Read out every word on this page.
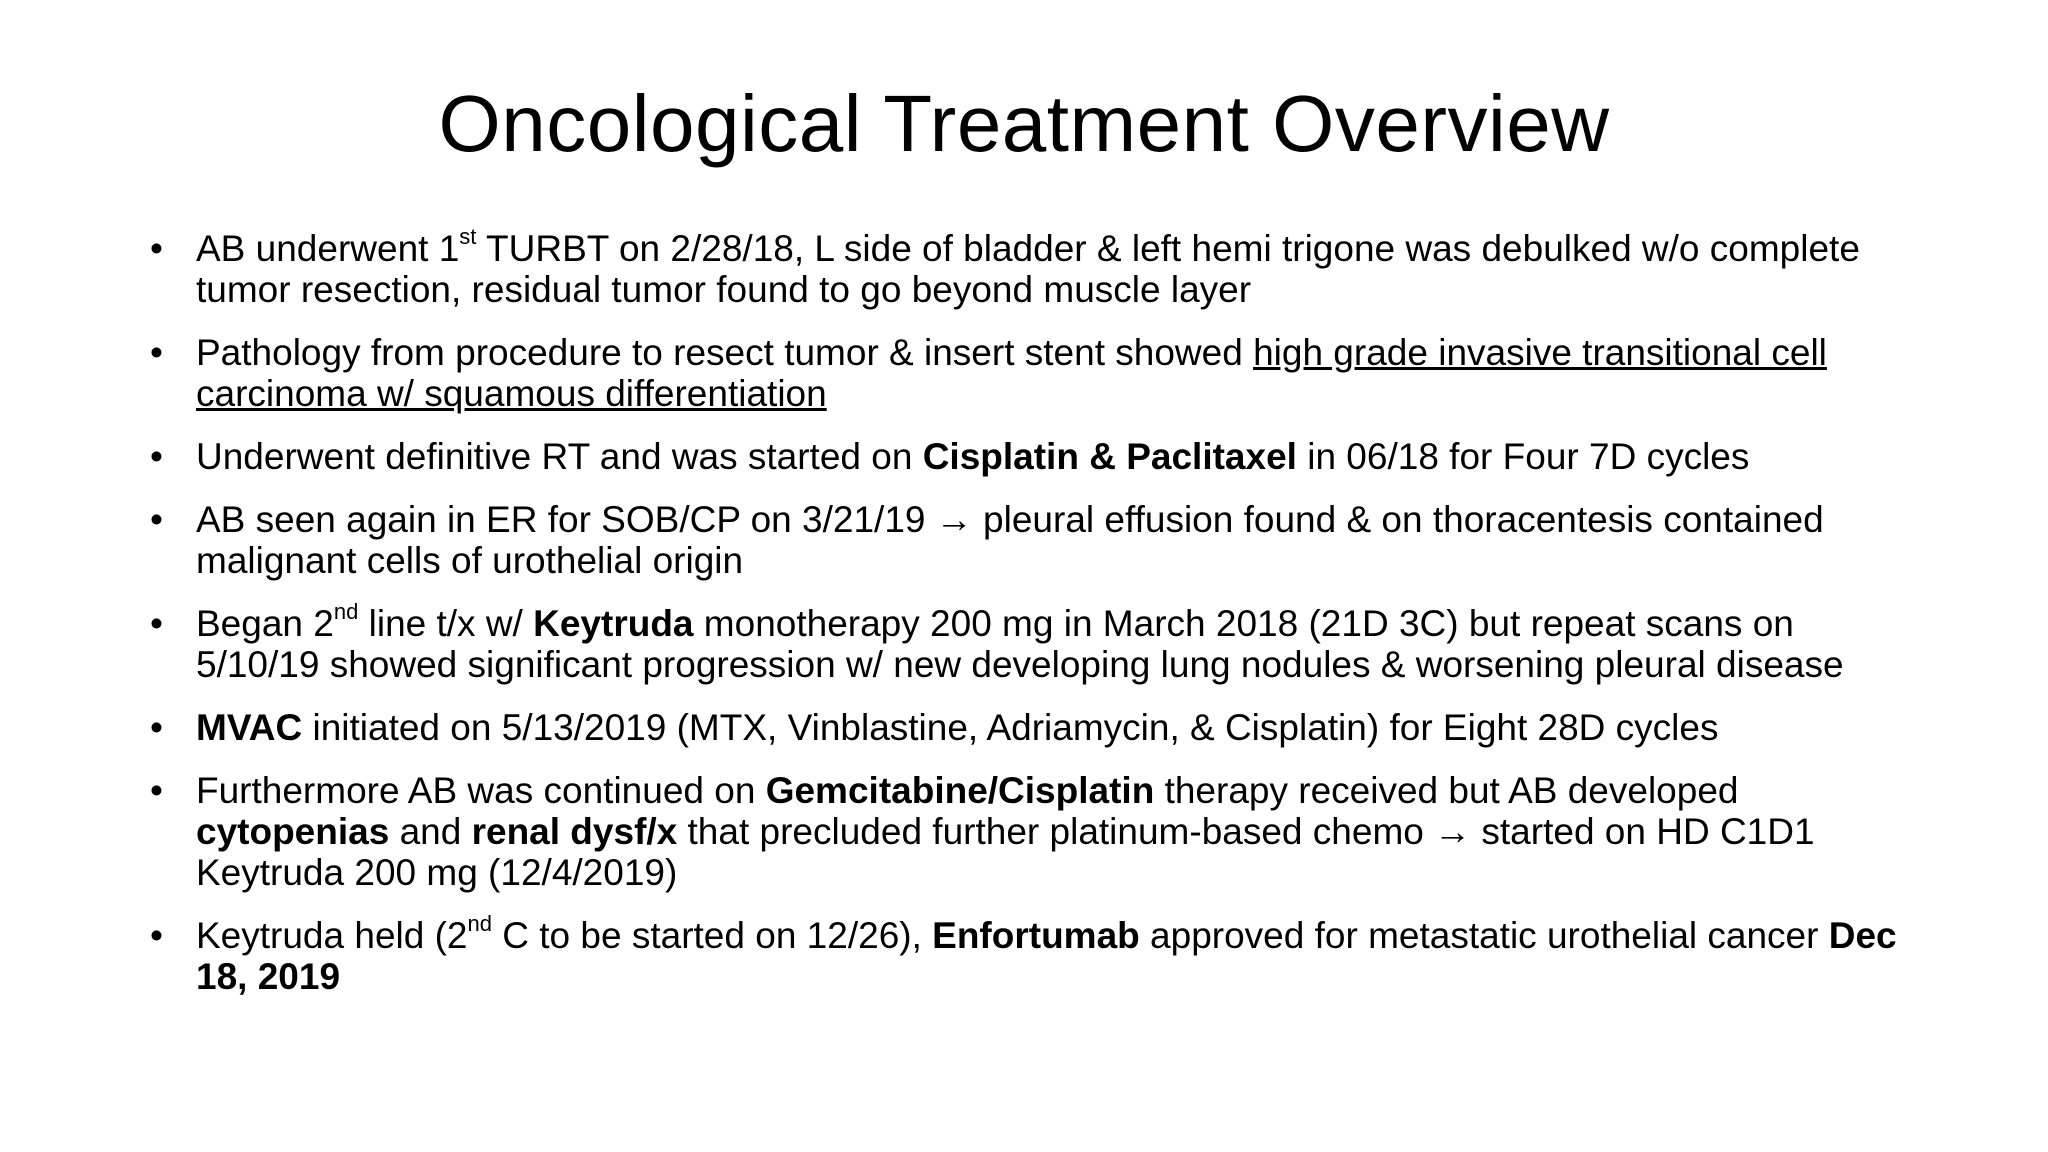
Oncological Treatment Overview
• AB underwent 1st TURBT on 2/28/18, L side of bladder & left hemi trigone was debulked w/o complete tumor resection, residual tumor found to go beyond muscle layer
• Pathology from procedure to resect tumor & insert stent showed high grade invasive transitional cell carcinoma w/ squamous differentiation
• Underwent definitive RT and was started on Cisplatin & Paclitaxel in 06/18 for Four 7D cycles
• AB seen again in ER for SOB/CP on 3/21/19 → pleural effusion found & on thoracentesis contained malignant cells of urothelial origin
• Began 2nd line t/x w/ Keytruda monotherapy 200 mg in March 2018 (21D 3C) but repeat scans on 5/10/19 showed significant progression w/ new developing lung nodules & worsening pleural disease
• MVAC initiated on 5/13/2019 (MTX, Vinblastine, Adriamycin, & Cisplatin) for Eight 28D cycles
• Furthermore AB was continued on Gemcitabine/Cisplatin therapy received but AB developed cytopenias and renal dysf/x that precluded further platinum-based chemo → started on HD C1D1 Keytruda 200 mg (12/4/2019)
• Keytruda held (2nd C to be started on 12/26), Enfortumab approved for metastatic urothelial cancer Dec 18, 2019
